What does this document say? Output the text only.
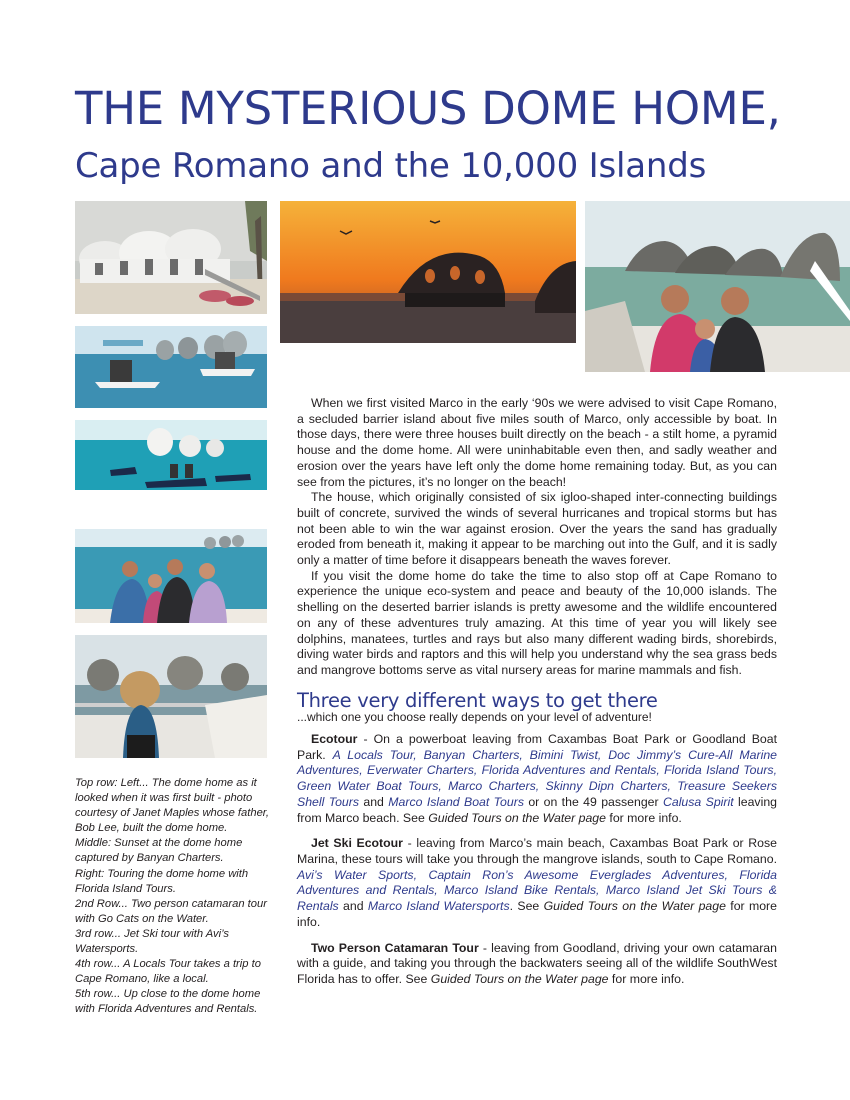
THE MYSTERIOUS DOME HOME,
Cape Romano and the 10,000 Islands

Top row: Left... The dome home as it looked when it was first built - photo courtesy of Janet Maples whose father, Bob Lee, built the dome home.

Middle: Sunset at the dome home captured by Banyan Charters.

Right: Touring the dome home with Florida Island Tours.

2nd Row... Two person catamaran tour with Go Cats on the Water.

3rd row... Jet Ski tour with Avi’s Watersports.

4th row... A Locals Tour takes a trip to Cape Romano, like a local.

5th row... Up close to the dome home with Florida Adventures and Rentals.

When we first visited Marco in the early ‘90s we were advised to visit Cape Romano, a secluded barrier island about five miles south of Marco, only accessible by boat. In those days, there were three houses built directly on the beach - a stilt home, a pyramid house and the dome home. All were uninhabitable even then, and sadly weather and erosion over the years have left only the dome home remaining today. But, as you can see from the pictures, it’s no longer on the beach!

The house, which originally consisted of six igloo-shaped inter-connecting buildings built of concrete, survived the winds of several hurricanes and tropical storms but has not been able to win the war against erosion. Over the years the sand has gradually eroded from beneath it, making it appear to be marching out into the Gulf, and it is sadly only a matter of time before it disappears beneath the waves forever.

If you visit the dome home do take the time to also stop off at Cape Romano to experience the unique eco-system and peace and beauty of the 10,000 islands. The shelling on the deserted barrier islands is pretty awesome and the wildlife encountered on any of these adventures truly amazing. At this time of year you will likely see dolphins, manatees, turtles and rays but also many different wading birds, shorebirds, diving water birds and raptors and this will help you understand why the sea grass beds and mangrove bottoms serve as vital nursery areas for marine mammals and fish.

Three very different ways to get there

...which one you choose really depends on your level of adventure!

Ecotour - On a powerboat leaving from Caxambas Boat Park or Goodland Boat Park. A Locals Tour, Banyan Charters, Bimini Twist, Doc Jimmy’s Cure-All Marine Adventures, Everwater Charters, Florida Adventures and Rentals, Florida Island Tours, Green Water Boat Tours, Marco Charters, Skinny Dipn Charters, Treasure Seekers Shell Tours and Marco Island Boat Tours or on the 49 passenger Calusa Spirit leaving from Marco beach. See Guided Tours on the Water page for more info.

Jet Ski Ecotour - leaving from Marco’s main beach, Caxambas Boat Park or Rose Marina, these tours will take you through the mangrove islands, south to Cape Romano. Avi’s Water Sports, Captain Ron’s Awesome Everglades Adventures, Florida Adventures and Rentals, Marco Island Bike Rentals, Marco Island Jet Ski Tours & Rentals and Marco Island Watersports. See Guided Tours on the Water page for more info.

Two Person Catamaran Tour - leaving from Goodland, driving your own catamaran with a guide, and taking you through the backwaters seeing all of the wildlife SouthWest Florida has to offer. See Guided Tours on the Water page for more info.
